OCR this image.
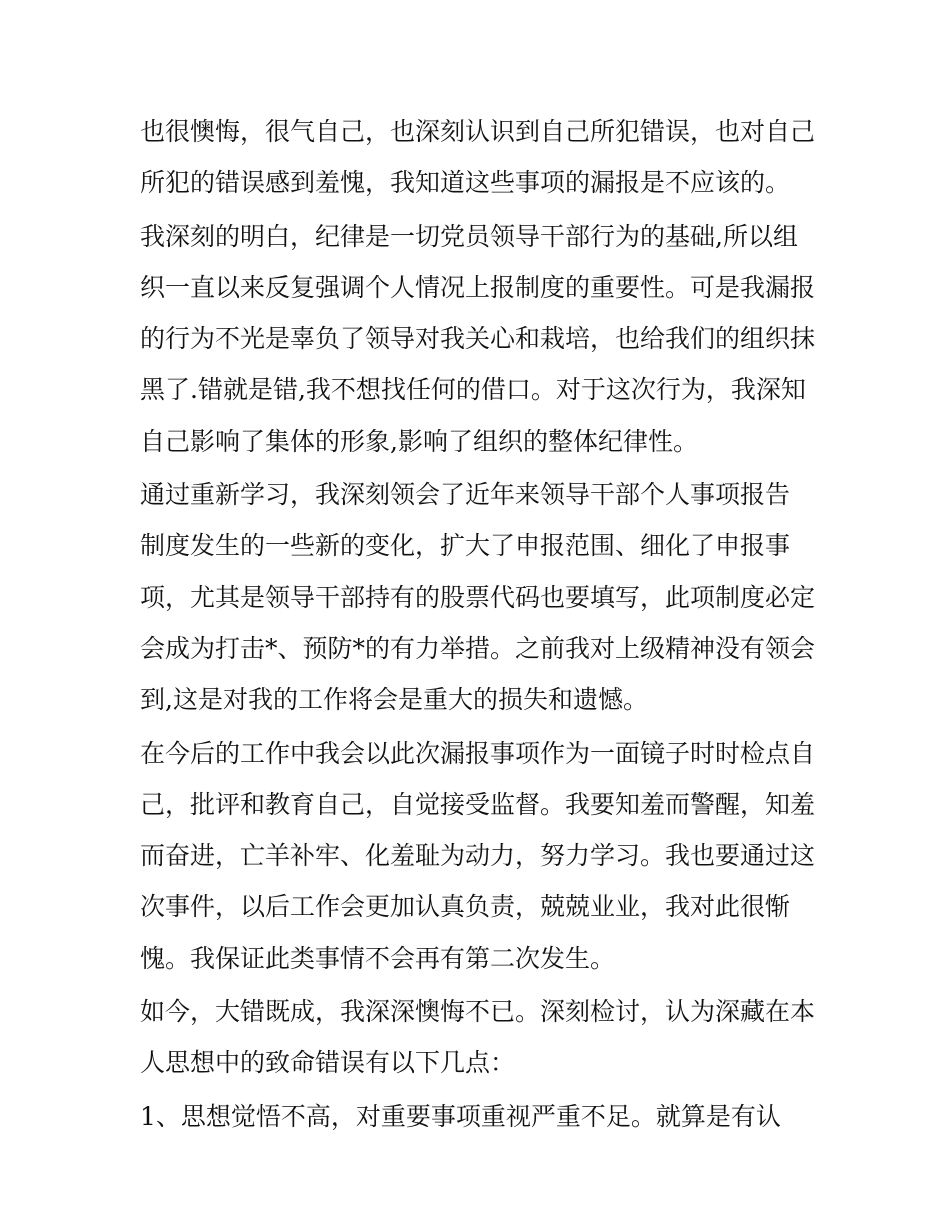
也很懊悔，很气自己，也深刻认识到自己所犯错误，也对自己
所犯的错误感到羞愧，我知道这些事项的漏报是不应该的。
我深刻的明白，纪律是一切党员领导干部行为的基础,所以组
织一直以来反复强调个人情况上报制度的重要性。可是我漏报
的行为不光是辜负了领导对我关心和栽培，也给我们的组织抹
黑了.错就是错,我不想找任何的借口。对于这次行为，我深知
自己影响了集体的形象,影响了组织的整体纪律性。
通过重新学习，我深刻领会了近年来领导干部个人事项报告
制度发生的一些新的变化，扩大了申报范围、细化了申报事
项，尤其是领导干部持有的股票代码也要填写，此项制度必定
会成为打击*、预防*的有力举措。之前我对上级精神没有领会
到,这是对我的工作将会是重大的损失和遗憾。
在今后的工作中我会以此次漏报事项作为一面镜子时时检点自
己，批评和教育自己，自觉接受监督。我要知羞而警醒，知羞
而奋进，亡羊补牢、化羞耻为动力，努力学习。我也要通过这
次事件，以后工作会更加认真负责，兢兢业业，我对此很惭
愧。我保证此类事情不会再有第二次发生。
如今，大错既成，我深深懊悔不已。深刻检讨，认为深藏在本
人思想中的致命错误有以下几点：
1、思想觉悟不高，对重要事项重视严重不足。就算是有认
